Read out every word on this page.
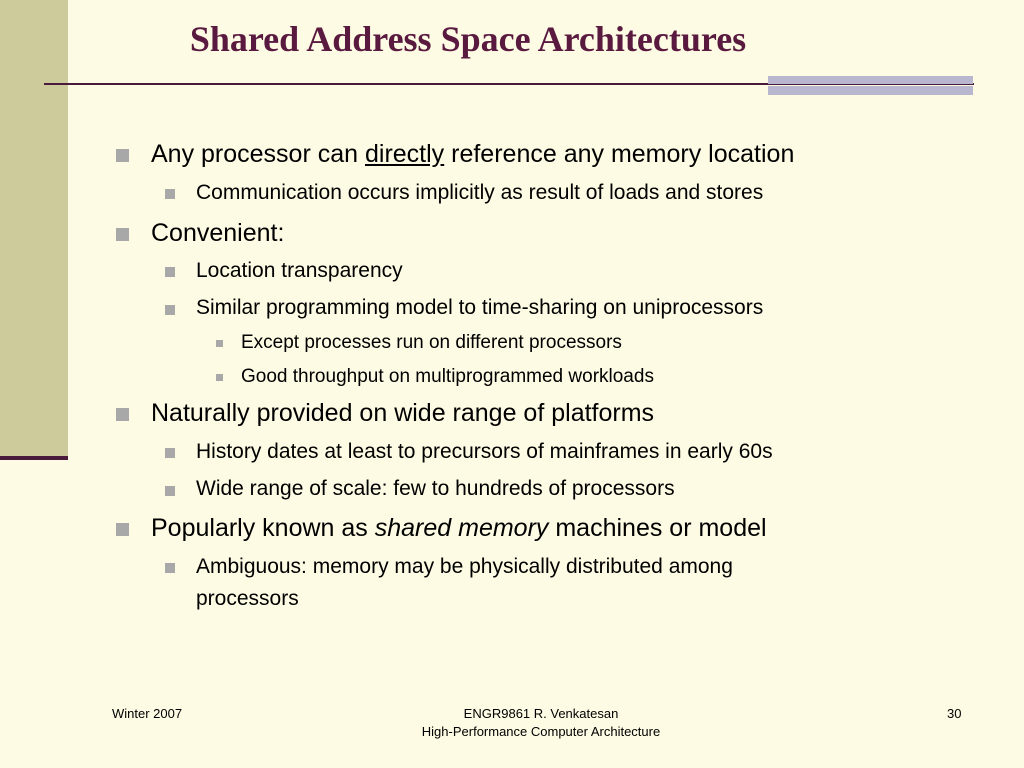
Shared Address Space Architectures
Any processor can directly reference any memory location
Communication occurs implicitly as result of loads and stores
Convenient:
Location transparency
Similar programming model to time-sharing on uniprocessors
Except processes run on different processors
Good throughput on multiprogrammed workloads
Naturally provided on wide range of platforms
History dates at least to precursors of mainframes in early 60s
Wide range of scale: few to hundreds of processors
Popularly known as shared memory machines or model
Ambiguous: memory may be physically distributed among
processors
Winter 2007	ENGR9861 R. Venkatesan
High-Performance Computer Architecture
30
